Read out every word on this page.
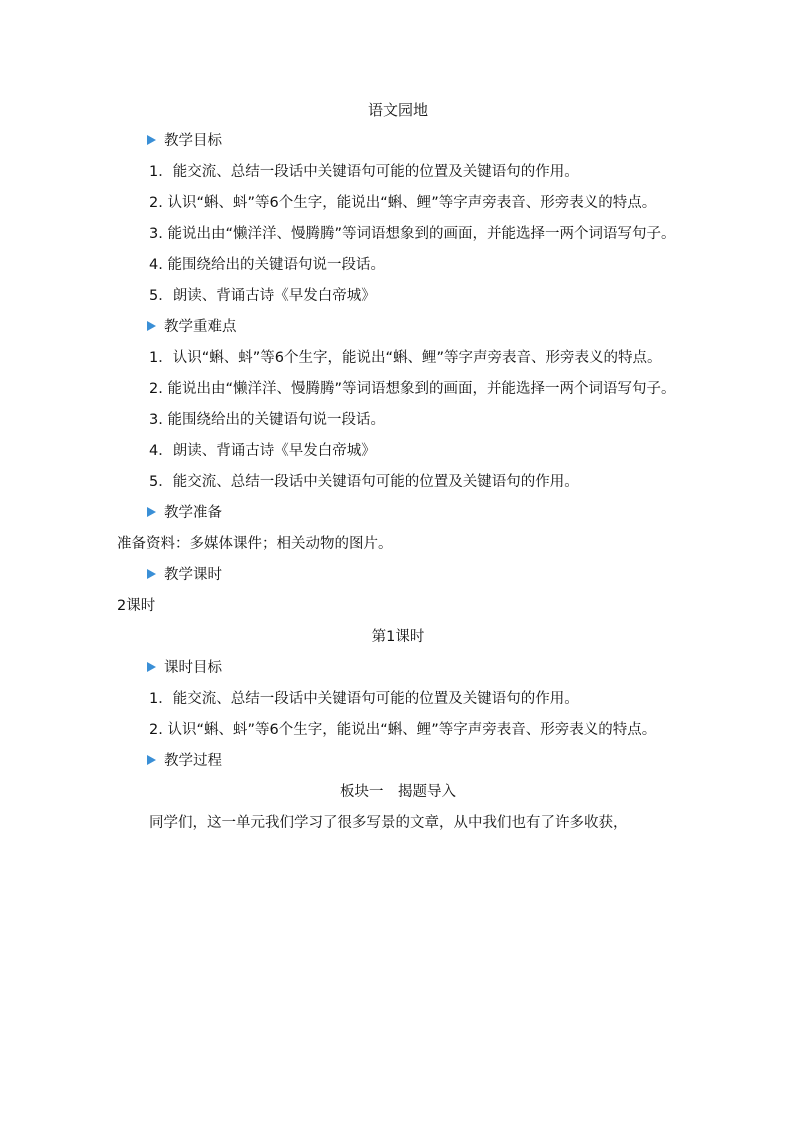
语文园地

教学目标

1．能交流、总结一段话中关键语句可能的位置及关键语句的作用。

2. 认识“蝌、蚪”等6个生字，能说出“蝌、鲤”等字声旁表音、形旁表义的特点。

3. 能说出由“懒洋洋、慢腾腾”等词语想象到的画面，并能选择一两个词语写句子。

4. 能围绕给出的关键语句说一段话。

5．朗读、背诵古诗《早发白帝城》

教学重难点

1．认识“蝌、蚪”等6个生字，能说出“蝌、鲤”等字声旁表音、形旁表义的特点。

2. 能说出由“懒洋洋、慢腾腾”等词语想象到的画面，并能选择一两个词语写句子。

3. 能围绕给出的关键语句说一段话。

4．朗读、背诵古诗《早发白帝城》

5．能交流、总结一段话中关键语句可能的位置及关键语句的作用。

教学准备

准备资料：多媒体课件；相关动物的图片。

教学课时

2课时

第1课时

课时目标

1．能交流、总结一段话中关键语句可能的位置及关键语句的作用。

2. 认识“蝌、蚪”等6个生字，能说出“蝌、鲤”等字声旁表音、形旁表义的特点。

教学过程

板块一　揭题导入

同学们，这一单元我们学习了很多写景的文章，从中我们也有了许多收获，
